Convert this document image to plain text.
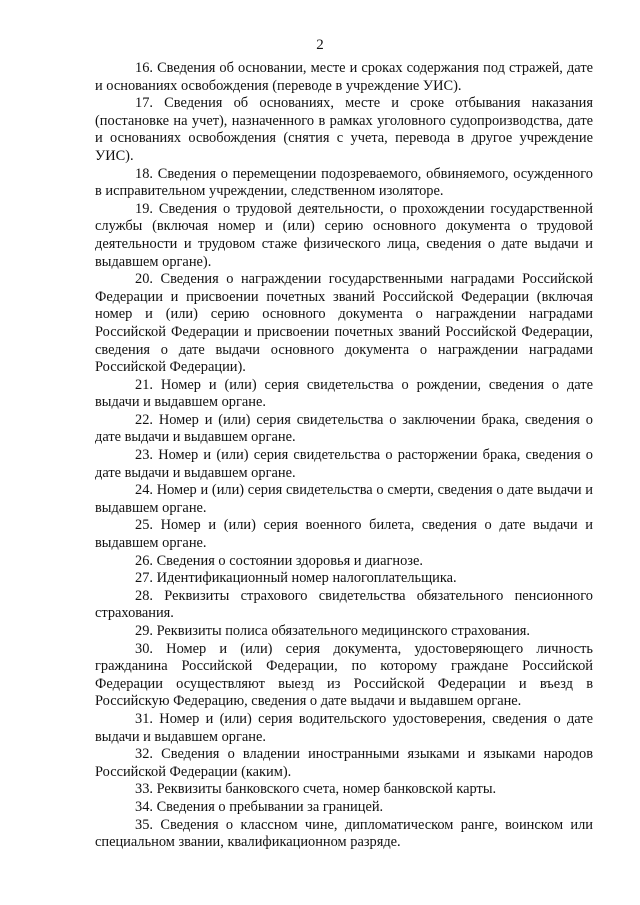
2

16. Сведения об основании, месте и сроках содержания под стражей, дате и основаниях освобождения (переводе в учреждение УИС).

17. Сведения об основаниях, месте и сроке отбывания наказания (постановке на учет), назначенного в рамках уголовного судопроизводства, дате и основаниях освобождения (снятия с учета, перевода в другое учреждение УИС).

18. Сведения о перемещении подозреваемого, обвиняемого, осужденного в исправительном учреждении, следственном изоляторе.

19. Сведения о трудовой деятельности, о прохождении государственной службы (включая номер и (или) серию основного документа о трудовой деятельности и трудовом стаже физического лица, сведения о дате выдачи и выдавшем органе).

20. Сведения о награждении государственными наградами Российской Федерации и присвоении почетных званий Российской Федерации (включая номер и (или) серию основного документа о награждении наградами Российской Федерации и присвоении почетных званий Российской Федерации, сведения о дате выдачи основного документа о награждении наградами Российской Федерации).

21. Номер и (или) серия свидетельства о рождении, сведения о дате выдачи и выдавшем органе.

22. Номер и (или) серия свидетельства о заключении брака, сведения о дате выдачи и выдавшем органе.

23. Номер и (или) серия свидетельства о расторжении брака, сведения о дате выдачи и выдавшем органе.

24. Номер и (или) серия свидетельства о смерти, сведения о дате выдачи и выдавшем органе.

25. Номер и (или) серия военного билета, сведения о дате выдачи и выдавшем органе.

26. Сведения о состоянии здоровья и диагнозе.

27. Идентификационный номер налогоплательщика.

28. Реквизиты страхового свидетельства обязательного пенсионного страхования.

29. Реквизиты полиса обязательного медицинского страхования.

30. Номер и (или) серия документа, удостоверяющего личность гражданина Российской Федерации, по которому граждане Российской Федерации осуществляют выезд из Российской Федерации и въезд в Российскую Федерацию, сведения о дате выдачи и выдавшем органе.

31. Номер и (или) серия водительского удостоверения, сведения о дате выдачи и выдавшем органе.

32. Сведения о владении иностранными языками и языками народов Российской Федерации (каким).

33. Реквизиты банковского счета, номер банковской карты.

34. Сведения о пребывании за границей.

35. Сведения о классном чине, дипломатическом ранге, воинском или специальном звании, квалификационном разряде.
